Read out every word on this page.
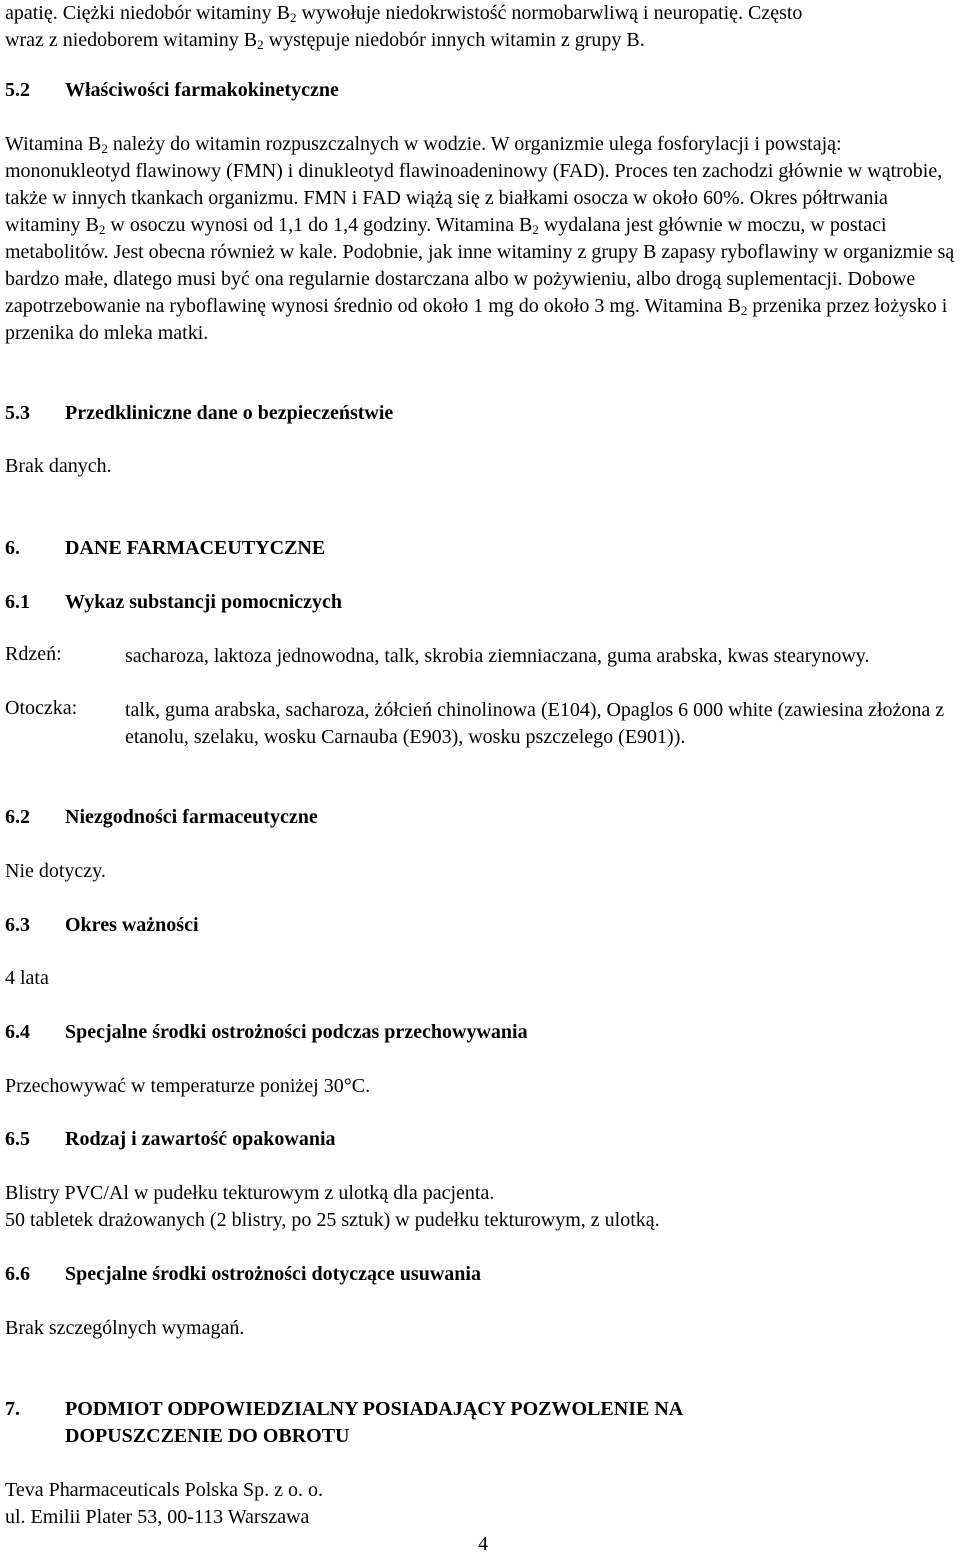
apatię. Ciężki niedobór witaminy $B_2$ wywołuje niedokrwistość normobarwliwą i neuropatię. Często

wraz z niedoborem witaminy $B_2$ występuje niedobór innych witamin z grupy B.

5.2 Właściwości farmakokinetyczne

Witamina $B_2$ należy do witamin rozpuszczalnych w wodzie. W organizmie ulega fosforylacji i powstają: mononukleotyd flawinowy (FMN) i dinukleotyd flawinoadeninowy (FAD). Proces ten zachodzi głównie w wątrobie, także w innych tkankach organizmu. FMN i FAD wiążą się z białkami osocza w około 60%. Okres półtrwania witaminy $B_2$ w osoczu wynosi od 1,1 do 1,4 godziny. Witamina $B_2$ wydalana jest głównie w moczu, w postaci metabolitów. Jest obecna również w kale. Podobnie, jak inne witaminy z grupy B zapasy ryboflawiny w organizmie są bardzo małe, dlatego musi być ona regularnie dostarczana albo w pożywieniu, albo drogą suplementacji. Dobowe zapotrzebowanie na ryboflawinę wynosi średnio od około 1 mg do około 3 mg. Witamina $B_2$ przenika przez łożysko i przenika do mleka matki.

5.3 Przedkliniczne dane o bezpieczeństwie

Brak danych.

6. DANE FARMACEUTYCZNE
6.1 Wykaz substancji pomocniczych
Rdzeń:	sacharoza, laktoza jednowodna, talk, skrobia ziemniaczana, guma arabska, kwas stearynowy.
Otoczka:	talk, guma arabska, sacharoza, żółcień chinolinowa (E104), Opaglos 6 000 white (zawiesina złożona z etanolu, szelaku, wosku Carnauba (E903), wosku pszczelego (E901)).
6.2 Niezgodności farmaceutyczne

Nie dotyczy.

6.3 Okres ważności

4 lata

6.4 Specjalne środki ostrożności podczas przechowywania

Przechowywać w temperaturze poniżej 30°C.

6.5 Rodzaj i zawartość opakowania

Blistry PVC/Al w pudełku tekturowym z ulotką dla pacjenta.

50 tabletek drażowanych (2 blistry, po 25 sztuk) w pudełku tekturowym, z ulotką.

6.6 Specjalne środki ostrożności dotyczące usuwania

Brak szczególnych wymagań.

7. PODMIOT ODPOWIEDZIALNY POSIADAJĄCY POZWOLENIE NA
DOPUSZCZENIE DO OBROTU

Teva Pharmaceuticals Polska Sp. z o. o.

ul. Emilii Plater 53, 00-113 Warszawa

4
